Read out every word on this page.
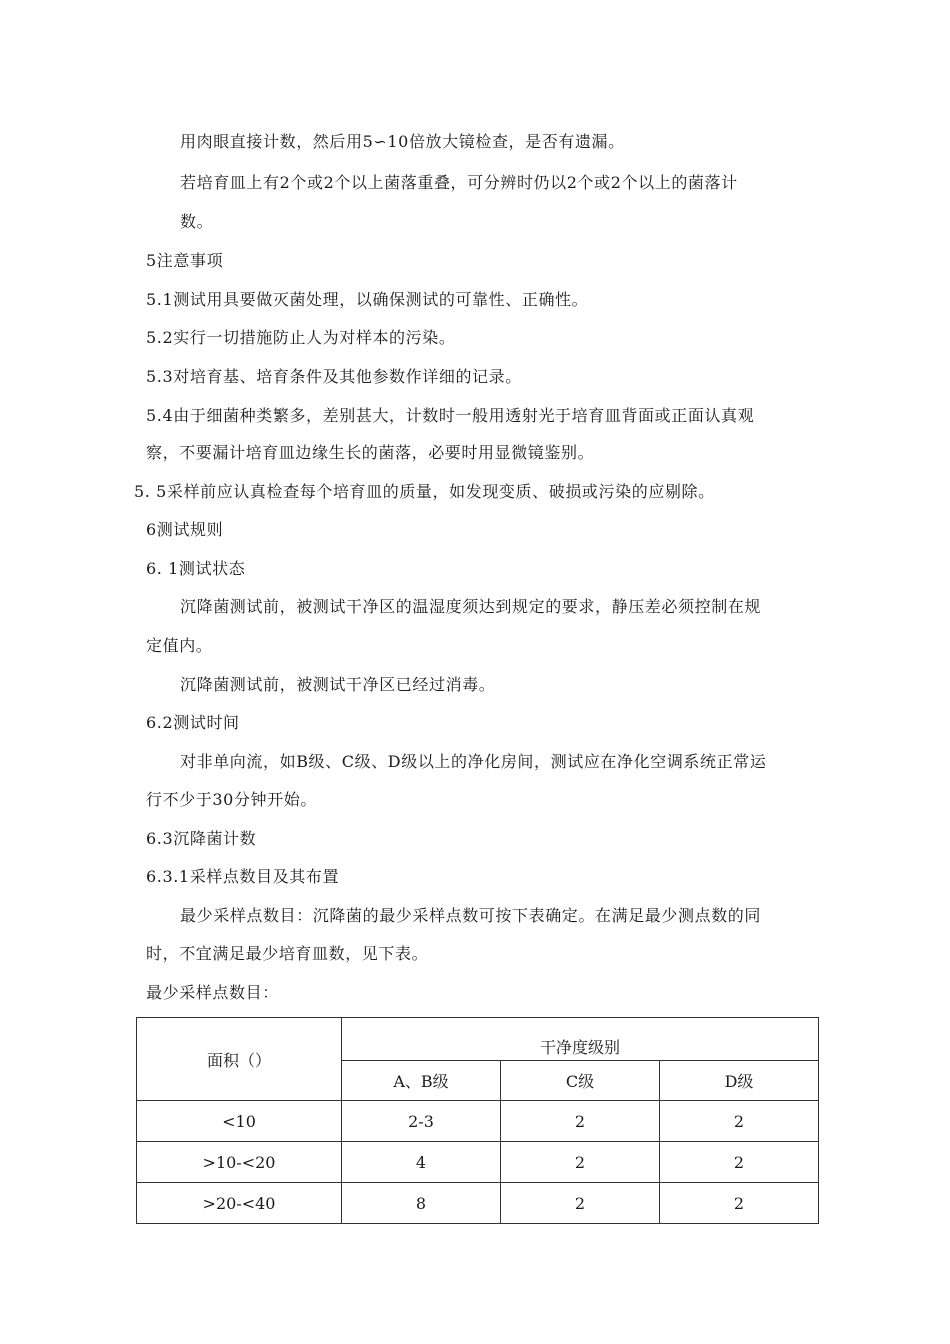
用肉眼直接计数，然后用5∽10倍放大镜检查，是否有遗漏。
若培育皿上有2个或2个以上菌落重叠，可分辨时仍以2个或2个以上的菌落计
数。
5注意事项
5.1测试用具要做灭菌处理，以确保测试的可靠性、正确性。
5.2实行一切措施防止人为对样本的污染。
5.3对培育基、培育条件及其他参数作详细的记录。
5.4由于细菌种类繁多，差别甚大，计数时一般用透射光于培育皿背面或正面认真观
察，不要漏计培育皿边缘生长的菌落，必要时用显微镜鉴别。
5. 5采样前应认真检查每个培育皿的质量，如发现变质、破损或污染的应剔除。
6测试规则
6. 1测试状态
沉降菌测试前，被测试干净区的温湿度须达到规定的要求，静压差必须控制在规
定值内。
沉降菌测试前，被测试干净区已经过消毒。
6.2测试时间
对非单向流，如B级、C级、D级以上的净化房间，测试应在净化空调系统正常运
行不少于30分钟开始。
6.3沉降菌计数
6.3.1采样点数目及其布置
最少采样点数目：沉降菌的最少采样点数可按下表确定。在满足最少测点数的同
时，不宜满足最少培育皿数，见下表。
最少采样点数目：
面积（）	干净度级别		
	A、B级	C级	D级
<10	2-3	2	2
>10-<20	4	2	2
>20-<40	8	2	2
